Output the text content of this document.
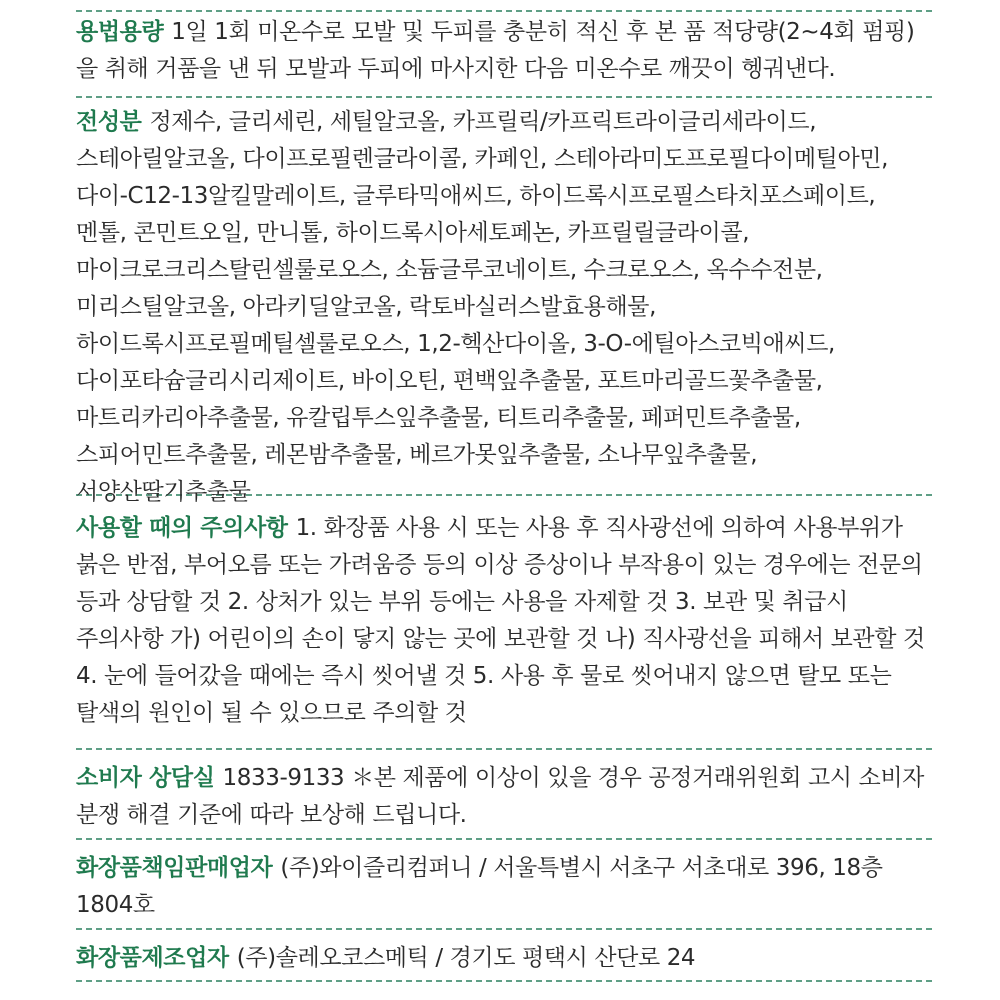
용법용량 1일 1회 미온수로 모발 및 두피를 충분히 적신 후 본 품 적당량(2~4회 펌핑)을 취해 거품을 낸 뒤 모발과 두피에 마사지한 다음 미온수로 깨끗이 헹궈낸다.

전성분 정제수, 글리세린, 세틸알코올, 카프릴릭/카프릭트라이글리세라이드, 스테아릴알코올, 다이프로필렌글라이콜, 카페인, 스테아라미도프로필다이메틸아민, 다이-C12-13알킬말레이트, 글루타믹애씨드, 하이드록시프로필스타치포스페이트, 멘톨, 콘민트오일, 만니톨, 하이드록시아세토페논, 카프릴릴글라이콜, 마이크로크리스탈린셀룰로오스, 소듐글루코네이트, 수크로오스, 옥수수전분, 미리스틸알코올, 아라키딜알코올, 락토바실러스발효용해물, 하이드록시프로필메틸셀룰로오스, 1,2-헥산다이올, 3-O-에틸아스코빅애씨드, 다이포타슘글리시리제이트, 바이오틴, 편백잎추출물, 포트마리골드꽃추출물, 마트리카리아추출물, 유칼립투스잎추출물, 티트리추출물, 페퍼민트추출물, 스피어민트추출물, 레몬밤추출물, 베르가못잎추출물, 소나무잎추출물, 서양산딸기추출물

사용할 때의 주의사항 1. 화장품 사용 시 또는 사용 후 직사광선에 의하여 사용부위가 붉은 반점, 부어오름 또는 가려움증 등의 이상 증상이나 부작용이 있는 경우에는 전문의 등과 상담할 것 2. 상처가 있는 부위 등에는 사용을 자제할 것 3. 보관 및 취급시 주의사항 가) 어린이의 손이 닿지 않는 곳에 보관할 것 나) 직사광선을 피해서 보관할 것 4. 눈에 들어갔을 때에는 즉시 씻어낼 것 5. 사용 후 물로 씻어내지 않으면 탈모 또는 탈색의 원인이 될 수 있으므로 주의할 것

소비자 상담실 1833-9133 ＊본 제품에 이상이 있을 경우 공정거래위원회 고시 소비자 분쟁 해결 기준에 따라 보상해 드립니다.

화장품책임판매업자 (주)와이즐리컴퍼니 / 서울특별시 서초구 서초대로 396, 18층 1804호

화장품제조업자 (주)솔레오코스메틱 / 경기도 평택시 산단로 24
